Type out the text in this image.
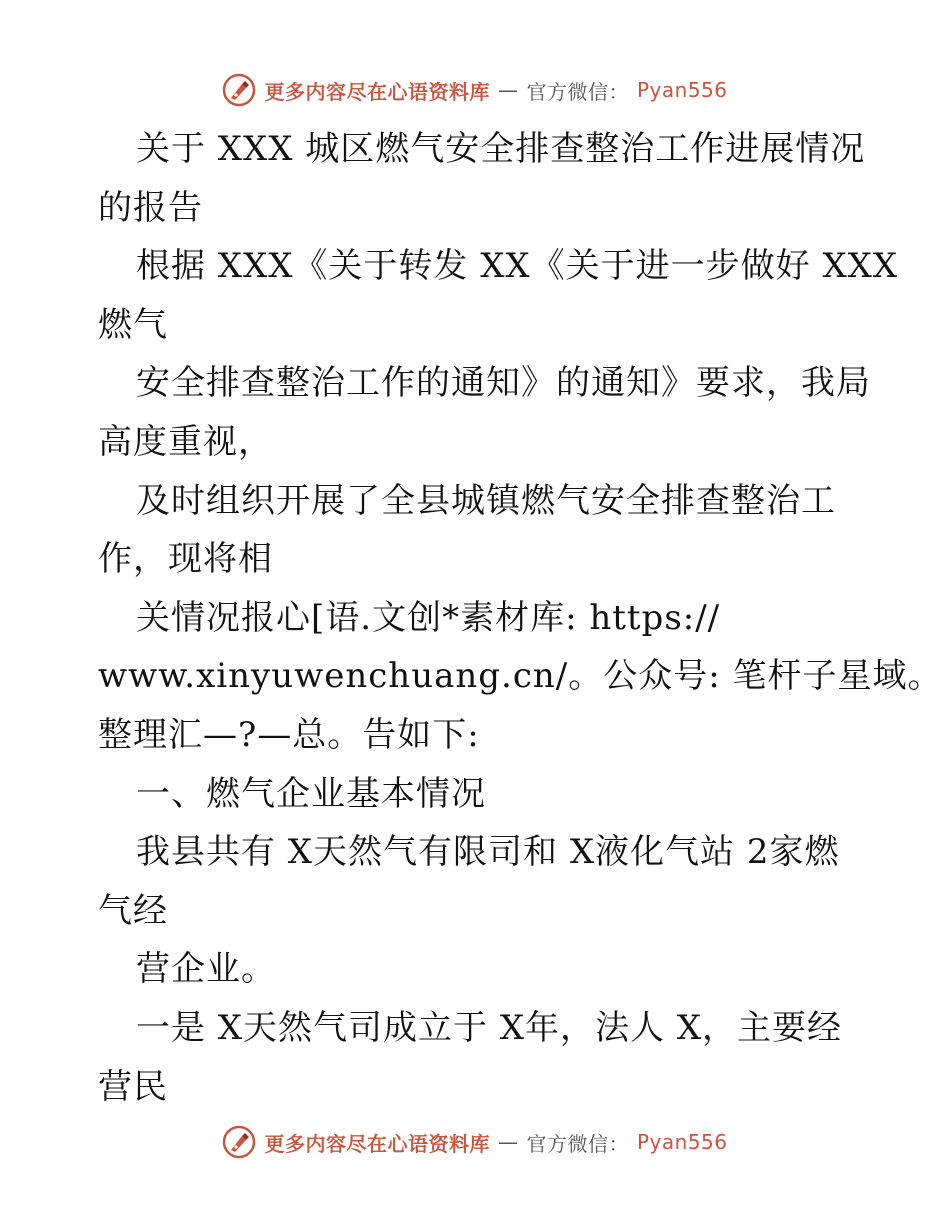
更多内容尽在心语资料库 — 官方微信： Pyan556
关于 XXX 城区燃气安全排查整治工作进展情况
的报告
根据 XXX《关于转发 XX《关于进一步做好 XXX
燃气
安全排查整治工作的通知》的通知》要求，我局
高度重视，
及时组织开展了全县城镇燃气安全排查整治工
作，现将相
关情况报心[语.文创*素材库: https://
www.xinyuwenchuang.cn/。公众号: 笔杆子星域。
整理汇—?—总。告如下:
一、燃气企业基本情况
我县共有 X天然气有限司和 X液化气站 2家燃
气经
营企业。
一是 X天然气司成立于 X年，法人 X，主要经
营民
更多内容尽在心语资料库 — 官方微信： Pyan556
